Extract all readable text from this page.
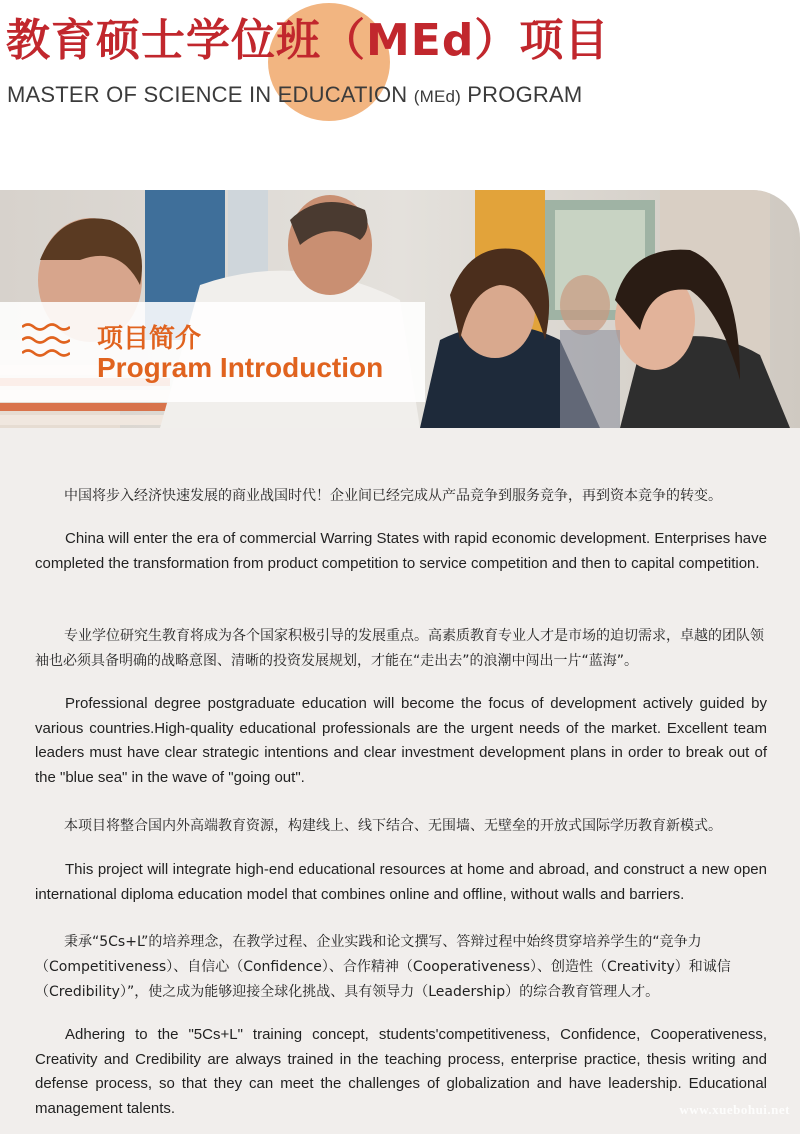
教育硕士学位班（MEd）项目
MASTER OF SCIENCE IN EDUCATION (MEd) PROGRAM
项目简介
Program Introduction

中国将步入经济快速发展的商业战国时代！企业间已经完成从产品竞争到服务竞争，再到资本竞争的转变。

China will enter the era of commercial Warring States with rapid economic development. Enterprises have completed the transformation from product competition to service competition and then to capital competition.

专业学位研究生教育将成为各个国家积极引导的发展重点。高素质教育专业人才是市场的迫切需求，卓越的团队领袖也必须具备明确的战略意图、清晰的投资发展规划，才能在“走出去”的浪潮中闯出一片“蓝海”。

Professional degree postgraduate education will become the focus of development actively guided by various countries.High-quality educational professionals are the urgent needs of the market. Excellent team leaders must have clear strategic intentions and clear investment development plans in order to break out of the "blue sea" in the wave of "going out".

本项目将整合国内外高端教育资源，构建线上、线下结合、无围墙、无壁垒的开放式国际学历教育新模式。

This project will integrate high-end educational resources at home and abroad, and construct a new open international diploma education model that combines online and offline, without walls and barriers.

秉承“5Cs+L”的培养理念，在教学过程、企业实践和论文撰写、答辩过程中始终贯穿培养学生的“竞争力（Competitiveness）、自信心（Confidence）、合作精神（Cooperativeness）、创造性（Creativity）和诚信（Credibility）”，使之成为能够迎接全球化挑战、具有领导力（Leadership）的综合教育管理人才。

Adhering to the "5Cs+L" training concept, students'competitiveness, Confidence, Cooperativeness, Creativity and Credibility are always trained in the teaching process, enterprise practice, thesis writing and defense process, so that they can meet the challenges of globalization and have leadership. Educational management talents.	www.xuebohui.net
